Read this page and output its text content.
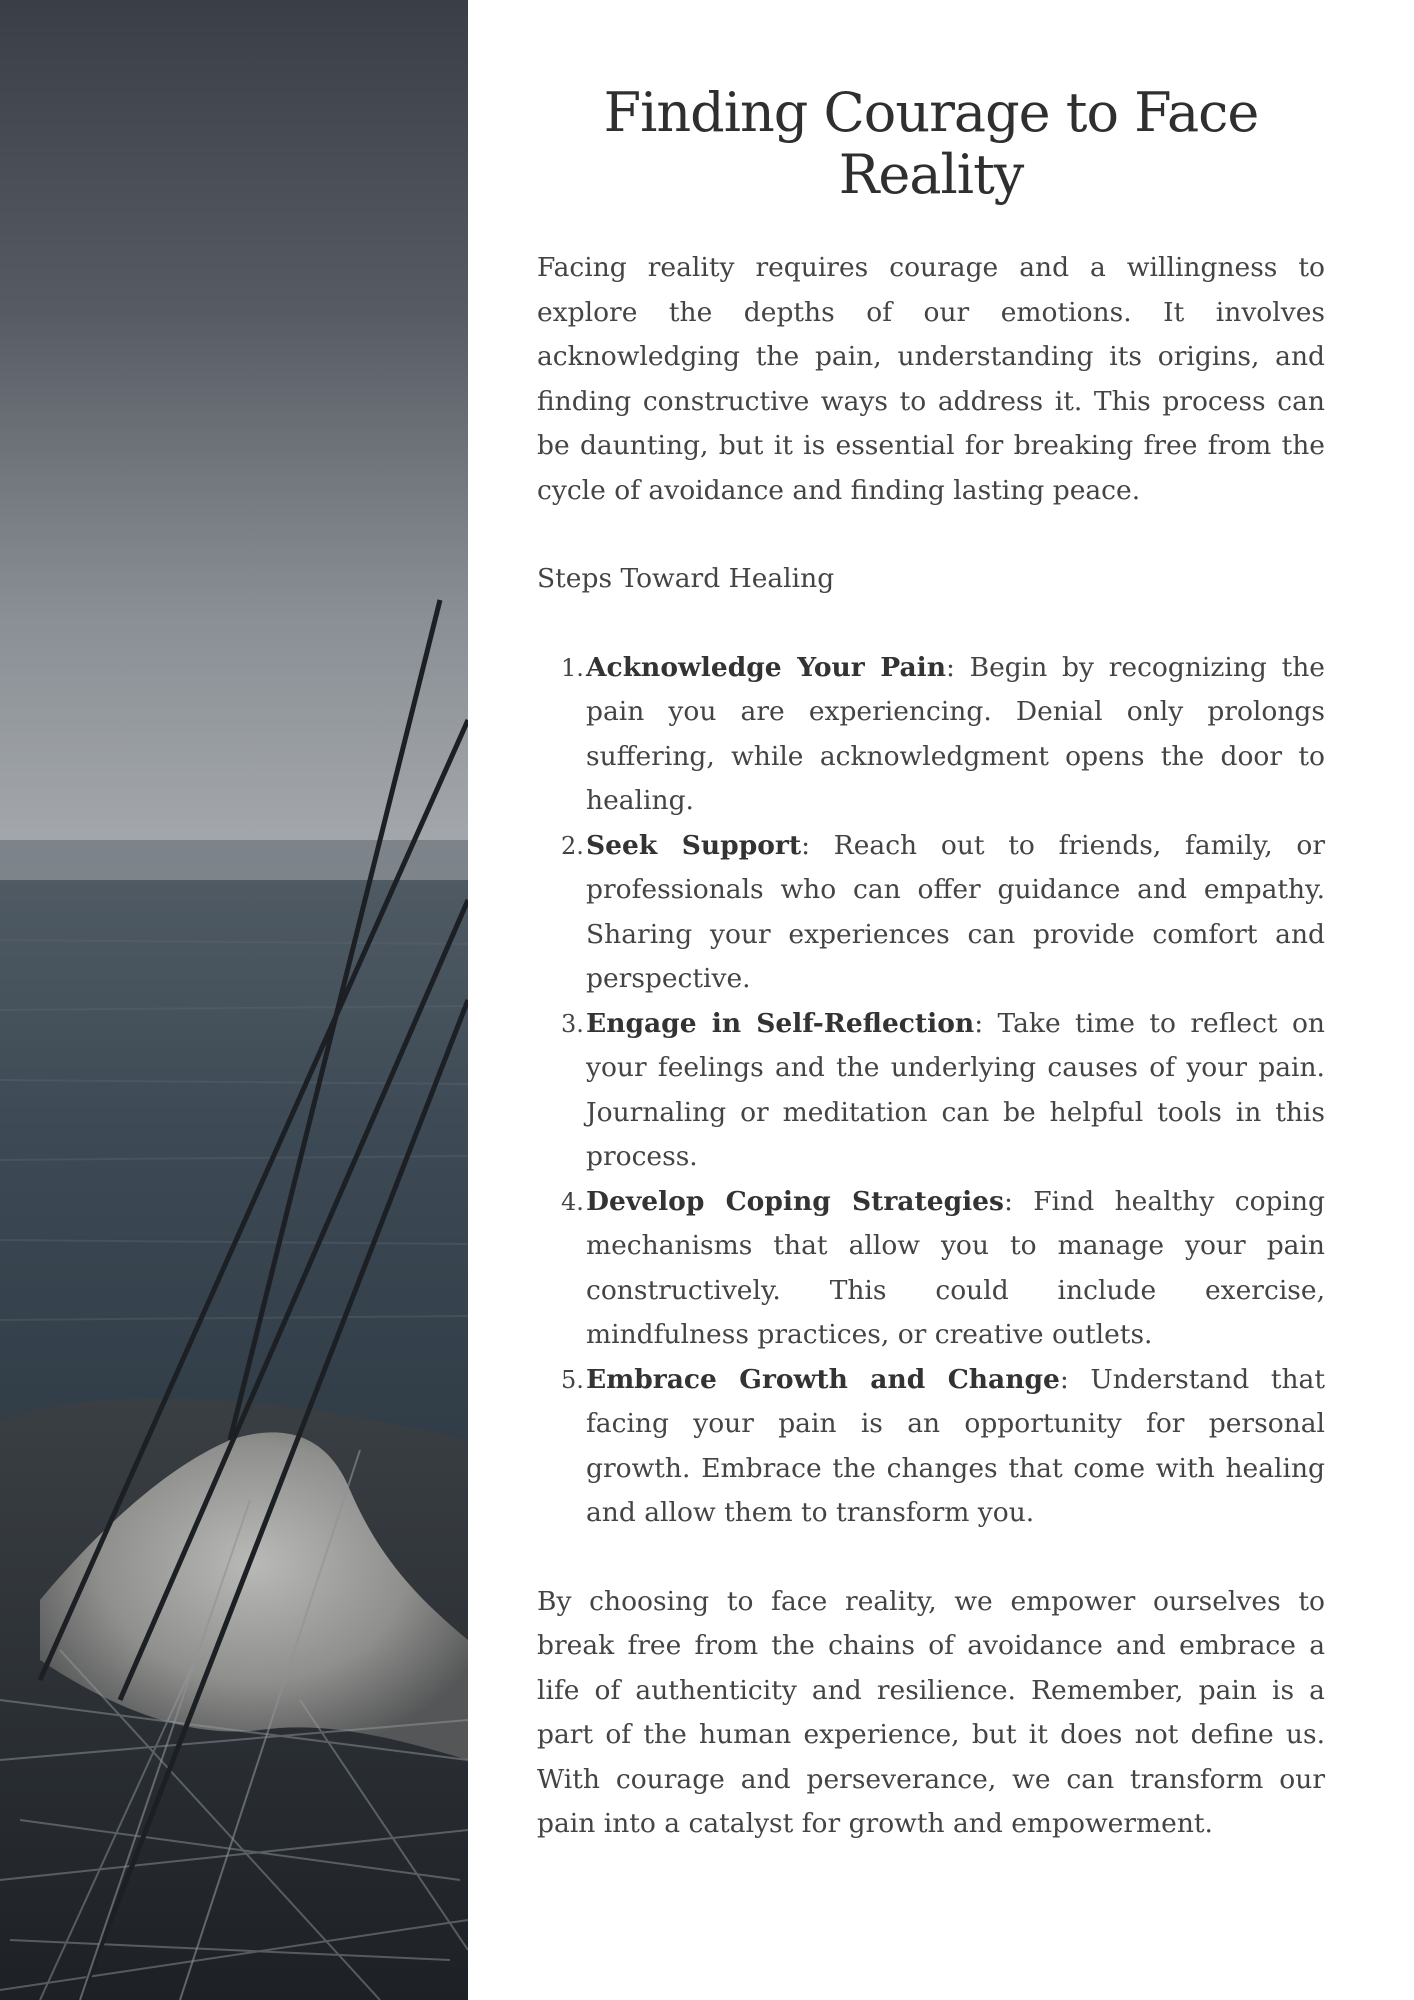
Finding Courage to Face Reality

Facing reality requires courage and a willingness to explore the depths of our emotions. It involves acknowledging the pain, understanding its origins, and finding constructive ways to address it. This process can be daunting, but it is essential for breaking free from the cycle of avoidance and finding lasting peace.

Steps Toward Healing

1. Acknowledge Your Pain: Begin by recognizing the pain you are experiencing. Denial only prolongs suffering, while acknowledgment opens the door to healing.
2. Seek Support: Reach out to friends, family, or professionals who can offer guidance and empathy. Sharing your experiences can provide comfort and perspective.
3. Engage in Self-Reflection: Take time to reflect on your feelings and the underlying causes of your pain. Journaling or meditation can be helpful tools in this process.
4. Develop Coping Strategies: Find healthy coping mechanisms that allow you to manage your pain constructively. This could include exercise, mindfulness practices, or creative outlets.
5. Embrace Growth and Change: Understand that facing your pain is an opportunity for personal growth. Embrace the changes that come with healing and allow them to transform you.

By choosing to face reality, we empower ourselves to break free from the chains of avoidance and embrace a life of authenticity and resilience. Remember, pain is a part of the human experience, but it does not define us. With courage and perseverance, we can transform our pain into a catalyst for growth and empowerment.
